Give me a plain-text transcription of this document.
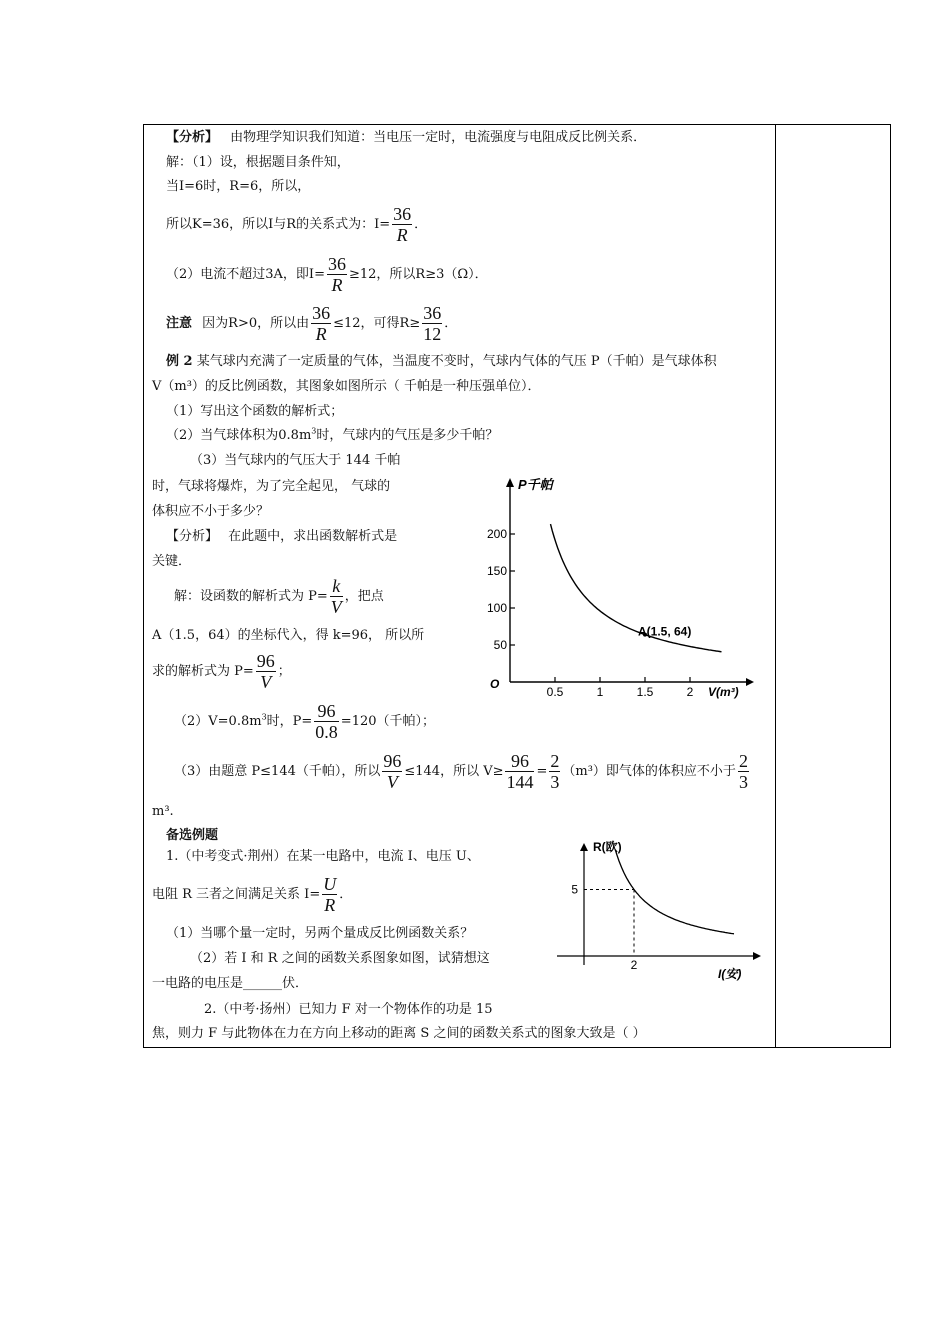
【分析】 由物理学知识我们知道：当电压一定时，电流强度与电阻成反比例关系．
解：（1）设，根据题目条件知，
当I=6时，R=6，所以，
所以K=36，所以I与R的关系式为：$I= \frac{36}{R}$ ．
（2）电流不超过3A，即$I= \frac{36}{R} \ge 12$，所以R≥3（Ω）．
注意 因为R>0，所以由 $\frac{36}{R} \le 12$，可得$R\ge \frac{36}{12}$ ．
例 2 某气球内充满了一定质量的气体，当温度不变时，气球内气体的气压 P（千帕）是气球体积
V（m³）的反比例函数，其图象如图所示（ 千帕是一种压强单位）．
（1）写出这个函数的解析式；
（2）当气球体积为$0.8m^3$时，气球内的气压是多少千帕？
（3）当气球内的气压大于 144 千帕
时，气球将爆炸，为了完全起见， 气球的
体积应不小于多少？
【分析】 在此题中，求出函数解析式是
关键．
解：设函数的解析式为 $P= \frac{k}{V}$ ，把点
A（1.5，64）的坐标代入，得 k=96， 所以所
求的解析式为 $P= \frac{96}{V}$ ；
$(2)V=0.8m^3$时，$P= \frac{96}{0.8} =120$（千帕）；
（3）由题意 P≤144（千帕），所以 $\frac{96}{V} \le 144$，所以 $V\ge \frac{96}{144} = \frac{2}{3} (m^3)$即气体的体积应不小于 $\frac{2}{3}$
m³.
P千帕
V(m³)
O
200
150
100
50
0.5	1	1.5	2
A(1.5, 64)
备选例题
1.（中考变式·荆州）在某一电路中，电流 I、电压 U、
电阻 R 三者之间满足关系 $I= \frac{U}{R}$ ．
（1）当哪个量一定时，另两个量成反比例函数关系？
（2）若 I 和 R 之间的函数关系图象如图，试猜想这
一电路的电压是______伏．
2.（中考·扬州）已知力 F 对一个物体作的功是 15
焦，则力 F 与此物体在力在方向上移动的距离 S 之间的函数关系式的图象大致是（ ）
R(欧)
I(安)
5
2
